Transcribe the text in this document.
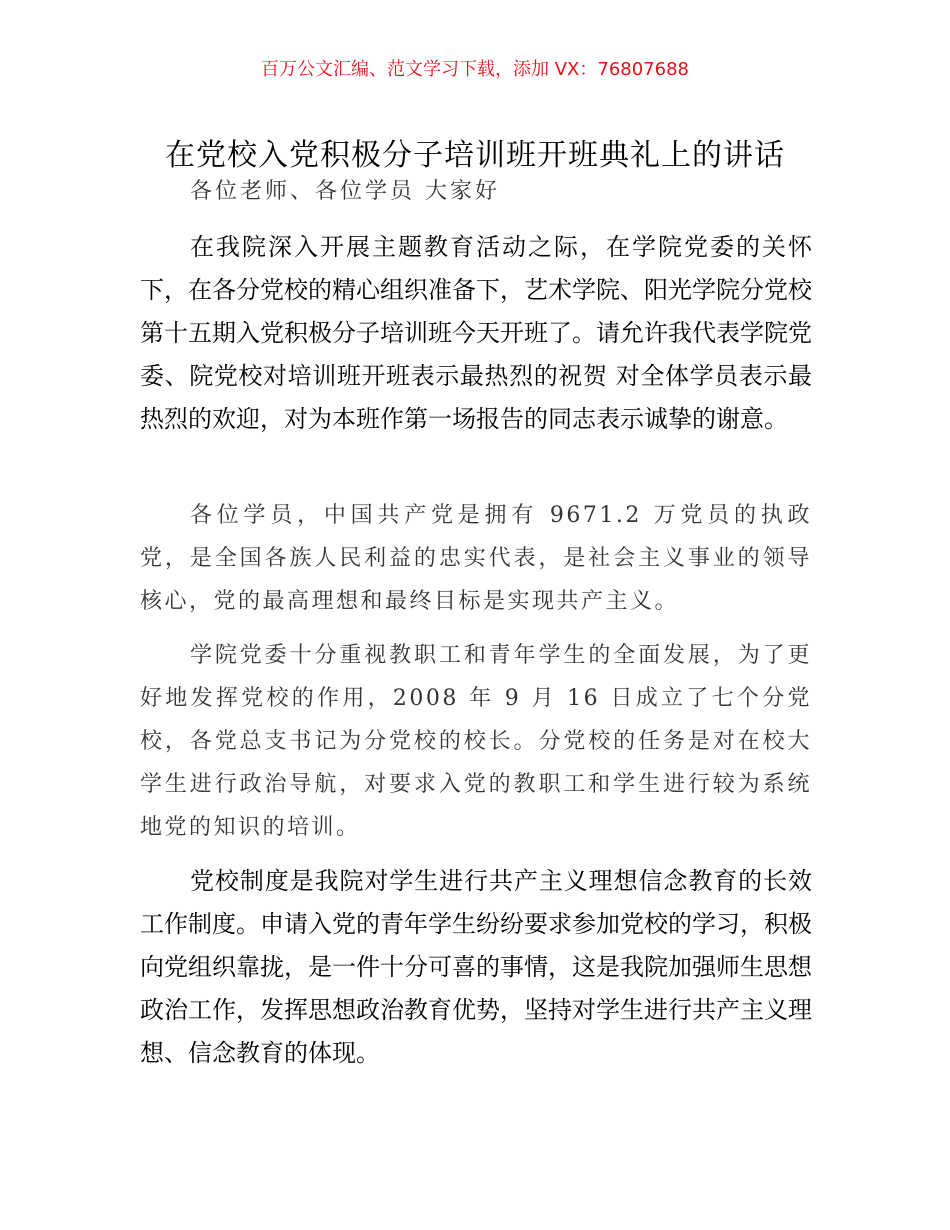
百万公文汇编、范文学习下载，添加 VX：76807688
在党校入党积极分子培训班开班典礼上的讲话
各位老师、各位学员 大家好

在我院深入开展主题教育活动之际，在学院党委的关怀下，在各分党校的精心组织准备下，艺术学院、阳光学院分党校第十五期入党积极分子培训班今天开班了。请允许我代表学院党委、院党校对培训班开班表示最热烈的祝贺 对全体学员表示最热烈的欢迎，对为本班作第一场报告的同志表示诚挚的谢意。

各位学员，中国共产党是拥有 9671.2 万党员的执政党，是全国各族人民利益的忠实代表，是社会主义事业的领导核心，党的最高理想和最终目标是实现共产主义。

学院党委十分重视教职工和青年学生的全面发展，为了更好地发挥党校的作用，2008 年 9 月 16 日成立了七个分党校，各党总支书记为分党校的校长。分党校的任务是对在校大学生进行政治导航，对要求入党的教职工和学生进行较为系统地党的知识的培训。

党校制度是我院对学生进行共产主义理想信念教育的长效工作制度。申请入党的青年学生纷纷要求参加党校的学习，积极向党组织靠拢，是一件十分可喜的事情，这是我院加强师生思想政治工作，发挥思想政治教育优势，坚持对学生进行共产主义理想、信念教育的体现。
